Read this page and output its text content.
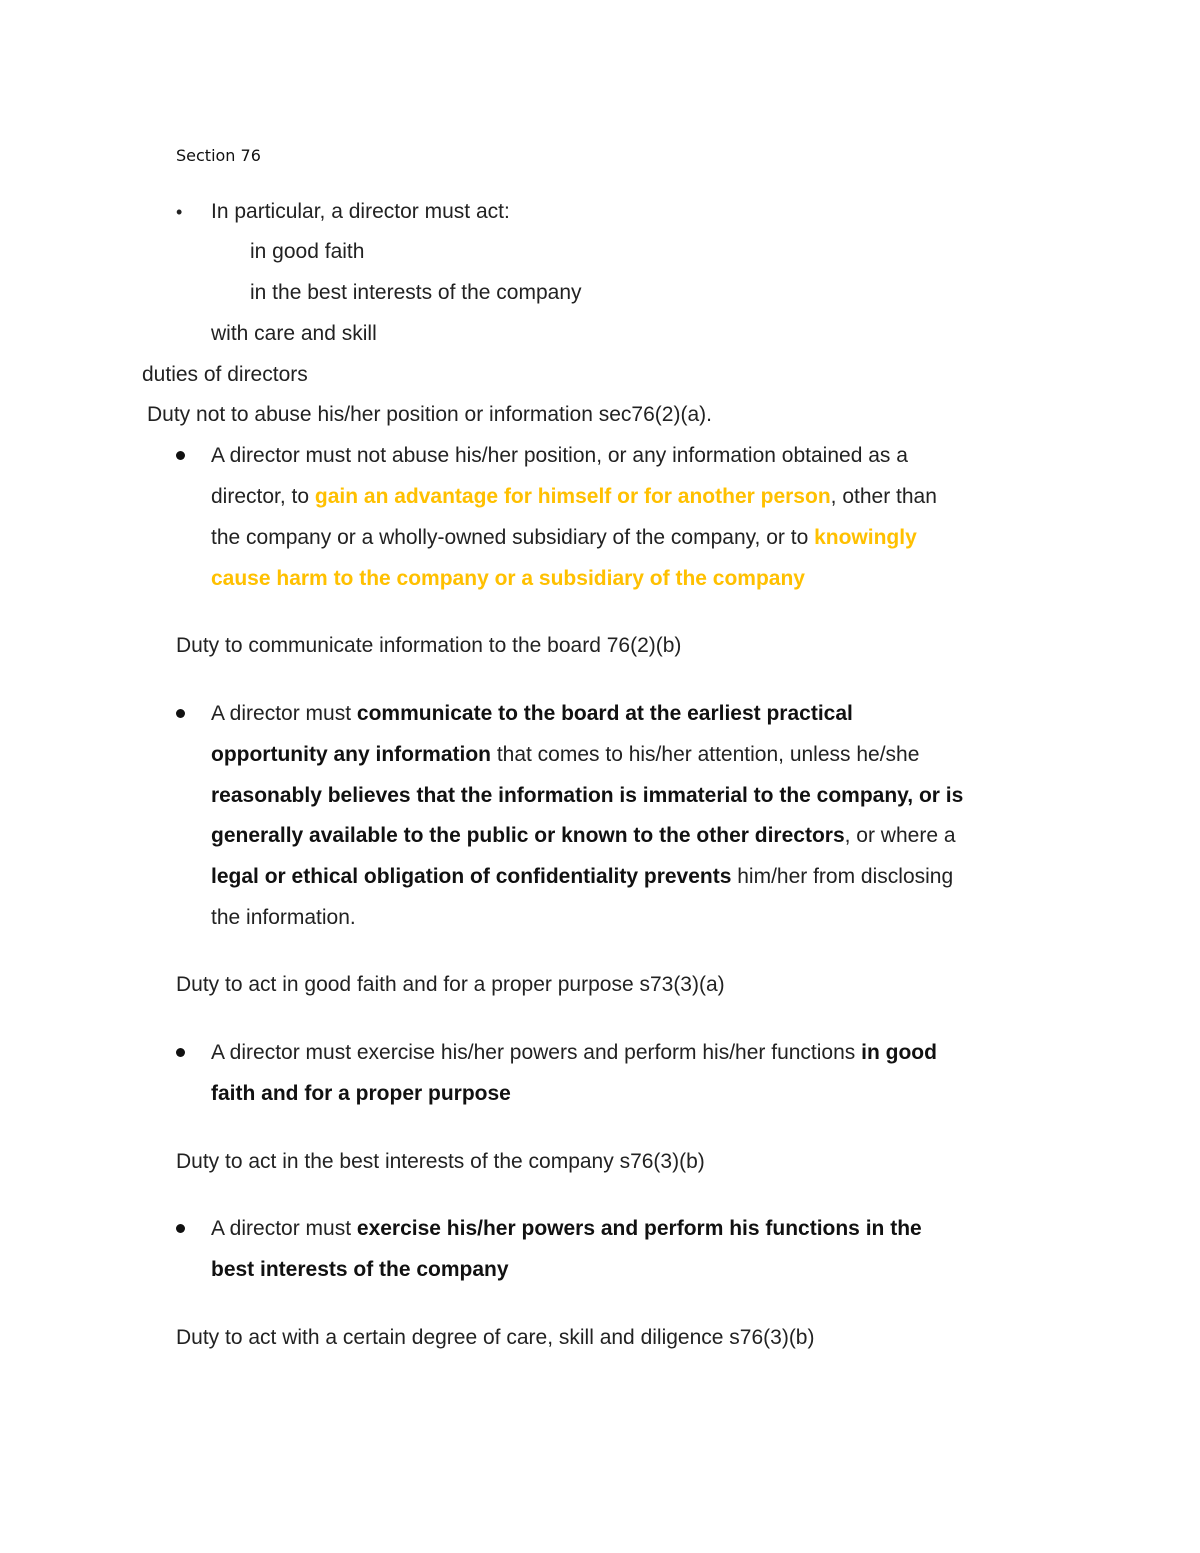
Section 76
• In particular, a director must act:
in good faith
in the best interests of the company
with care and skill
duties of directors
Duty not to abuse his/her position or information sec76(2)(a).
A director must not abuse his/her position, or any information obtained as a
director, to gain an advantage for himself or for another person, other than
the company or a wholly-owned subsidiary of the company, or to knowingly
cause harm to the company or a subsidiary of the company
Duty to communicate information to the board 76(2)(b)
A director must communicate to the board at the earliest practical
opportunity any information that comes to his/her attention, unless he/she
reasonably believes that the information is immaterial to the company, or is
generally available to the public or known to the other directors, or where a
legal or ethical obligation of confidentiality prevents him/her from disclosing
the information.
Duty to act in good faith and for a proper purpose s73(3)(a)
A director must exercise his/her powers and perform his/her functions in good
faith and for a proper purpose
Duty to act in the best interests of the company s76(3)(b)
A director must exercise his/her powers and perform his functions in the
best interests of the company
Duty to act with a certain degree of care, skill and diligence s76(3)(b)
